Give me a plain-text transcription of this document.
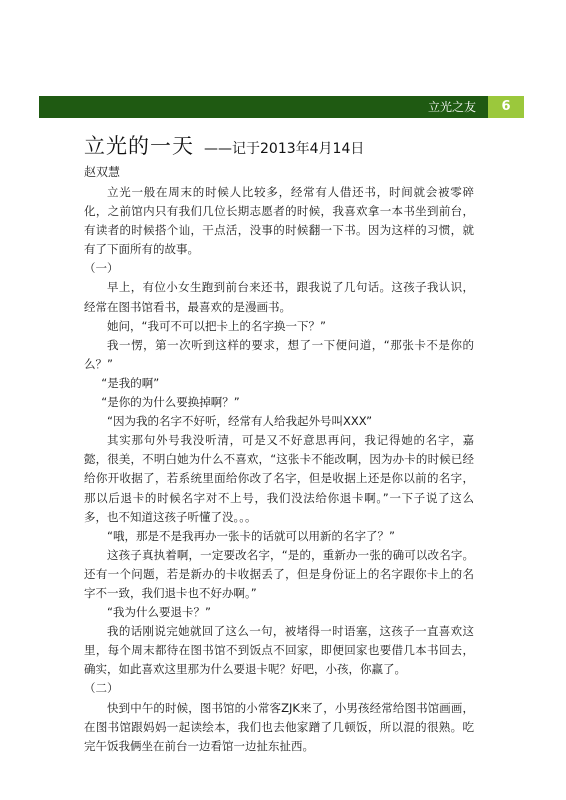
立光之友	6
立光的一天 ——记于2013年4月14日
赵双慧

立光一般在周末的时候人比较多，经常有人借还书，时间就会被零碎化，之前馆内只有我们几位长期志愿者的时候，我喜欢拿一本书坐到前台，有读者的时候搭个讪，干点活，没事的时候翻一下书。因为这样的习惯，就有了下面所有的故事。

（一）

早上，有位小女生跑到前台来还书，跟我说了几句话。这孩子我认识，经常在图书馆看书，最喜欢的是漫画书。

她问，“我可不可以把卡上的名字换一下？”

我一愣，第一次听到这样的要求，想了一下便问道，“那张卡不是你的么？”

“是我的啊”

“是你的为什么要换掉啊？”

“因为我的名字不好听，经常有人给我起外号叫XXX”

其实那句外号我没听清，可是又不好意思再问，我记得她的名字，嘉懿，很美，不明白她为什么不喜欢，“这张卡不能改啊，因为办卡的时候已经给你开收据了，若系统里面给你改了名字，但是收据上还是你以前的名字，那以后退卡的时候名字对不上号，我们没法给你退卡啊。”一下子说了这么多，也不知道这孩子听懂了没。。。

“哦，那是不是我再办一张卡的话就可以用新的名字了？”

这孩子真执着啊，一定要改名字，“是的，重新办一张的确可以改名字。还有一个问题，若是新办的卡收据丢了，但是身份证上的名字跟你卡上的名字不一致，我们退卡也不好办啊。”

“我为什么要退卡？”

我的话刚说完她就回了这么一句，被堵得一时语塞，这孩子一直喜欢这里，每个周末都待在图书馆不到饭点不回家，即便回家也要借几本书回去，确实，如此喜欢这里那为什么要退卡呢？好吧，小孩，你赢了。

（二）

快到中午的时候，图书馆的小常客ZJK来了，小男孩经常给图书馆画画，在图书馆跟妈妈一起读绘本，我们也去他家蹭了几顿饭，所以混的很熟。吃完午饭我俩坐在前台一边看馆一边扯东扯西。
